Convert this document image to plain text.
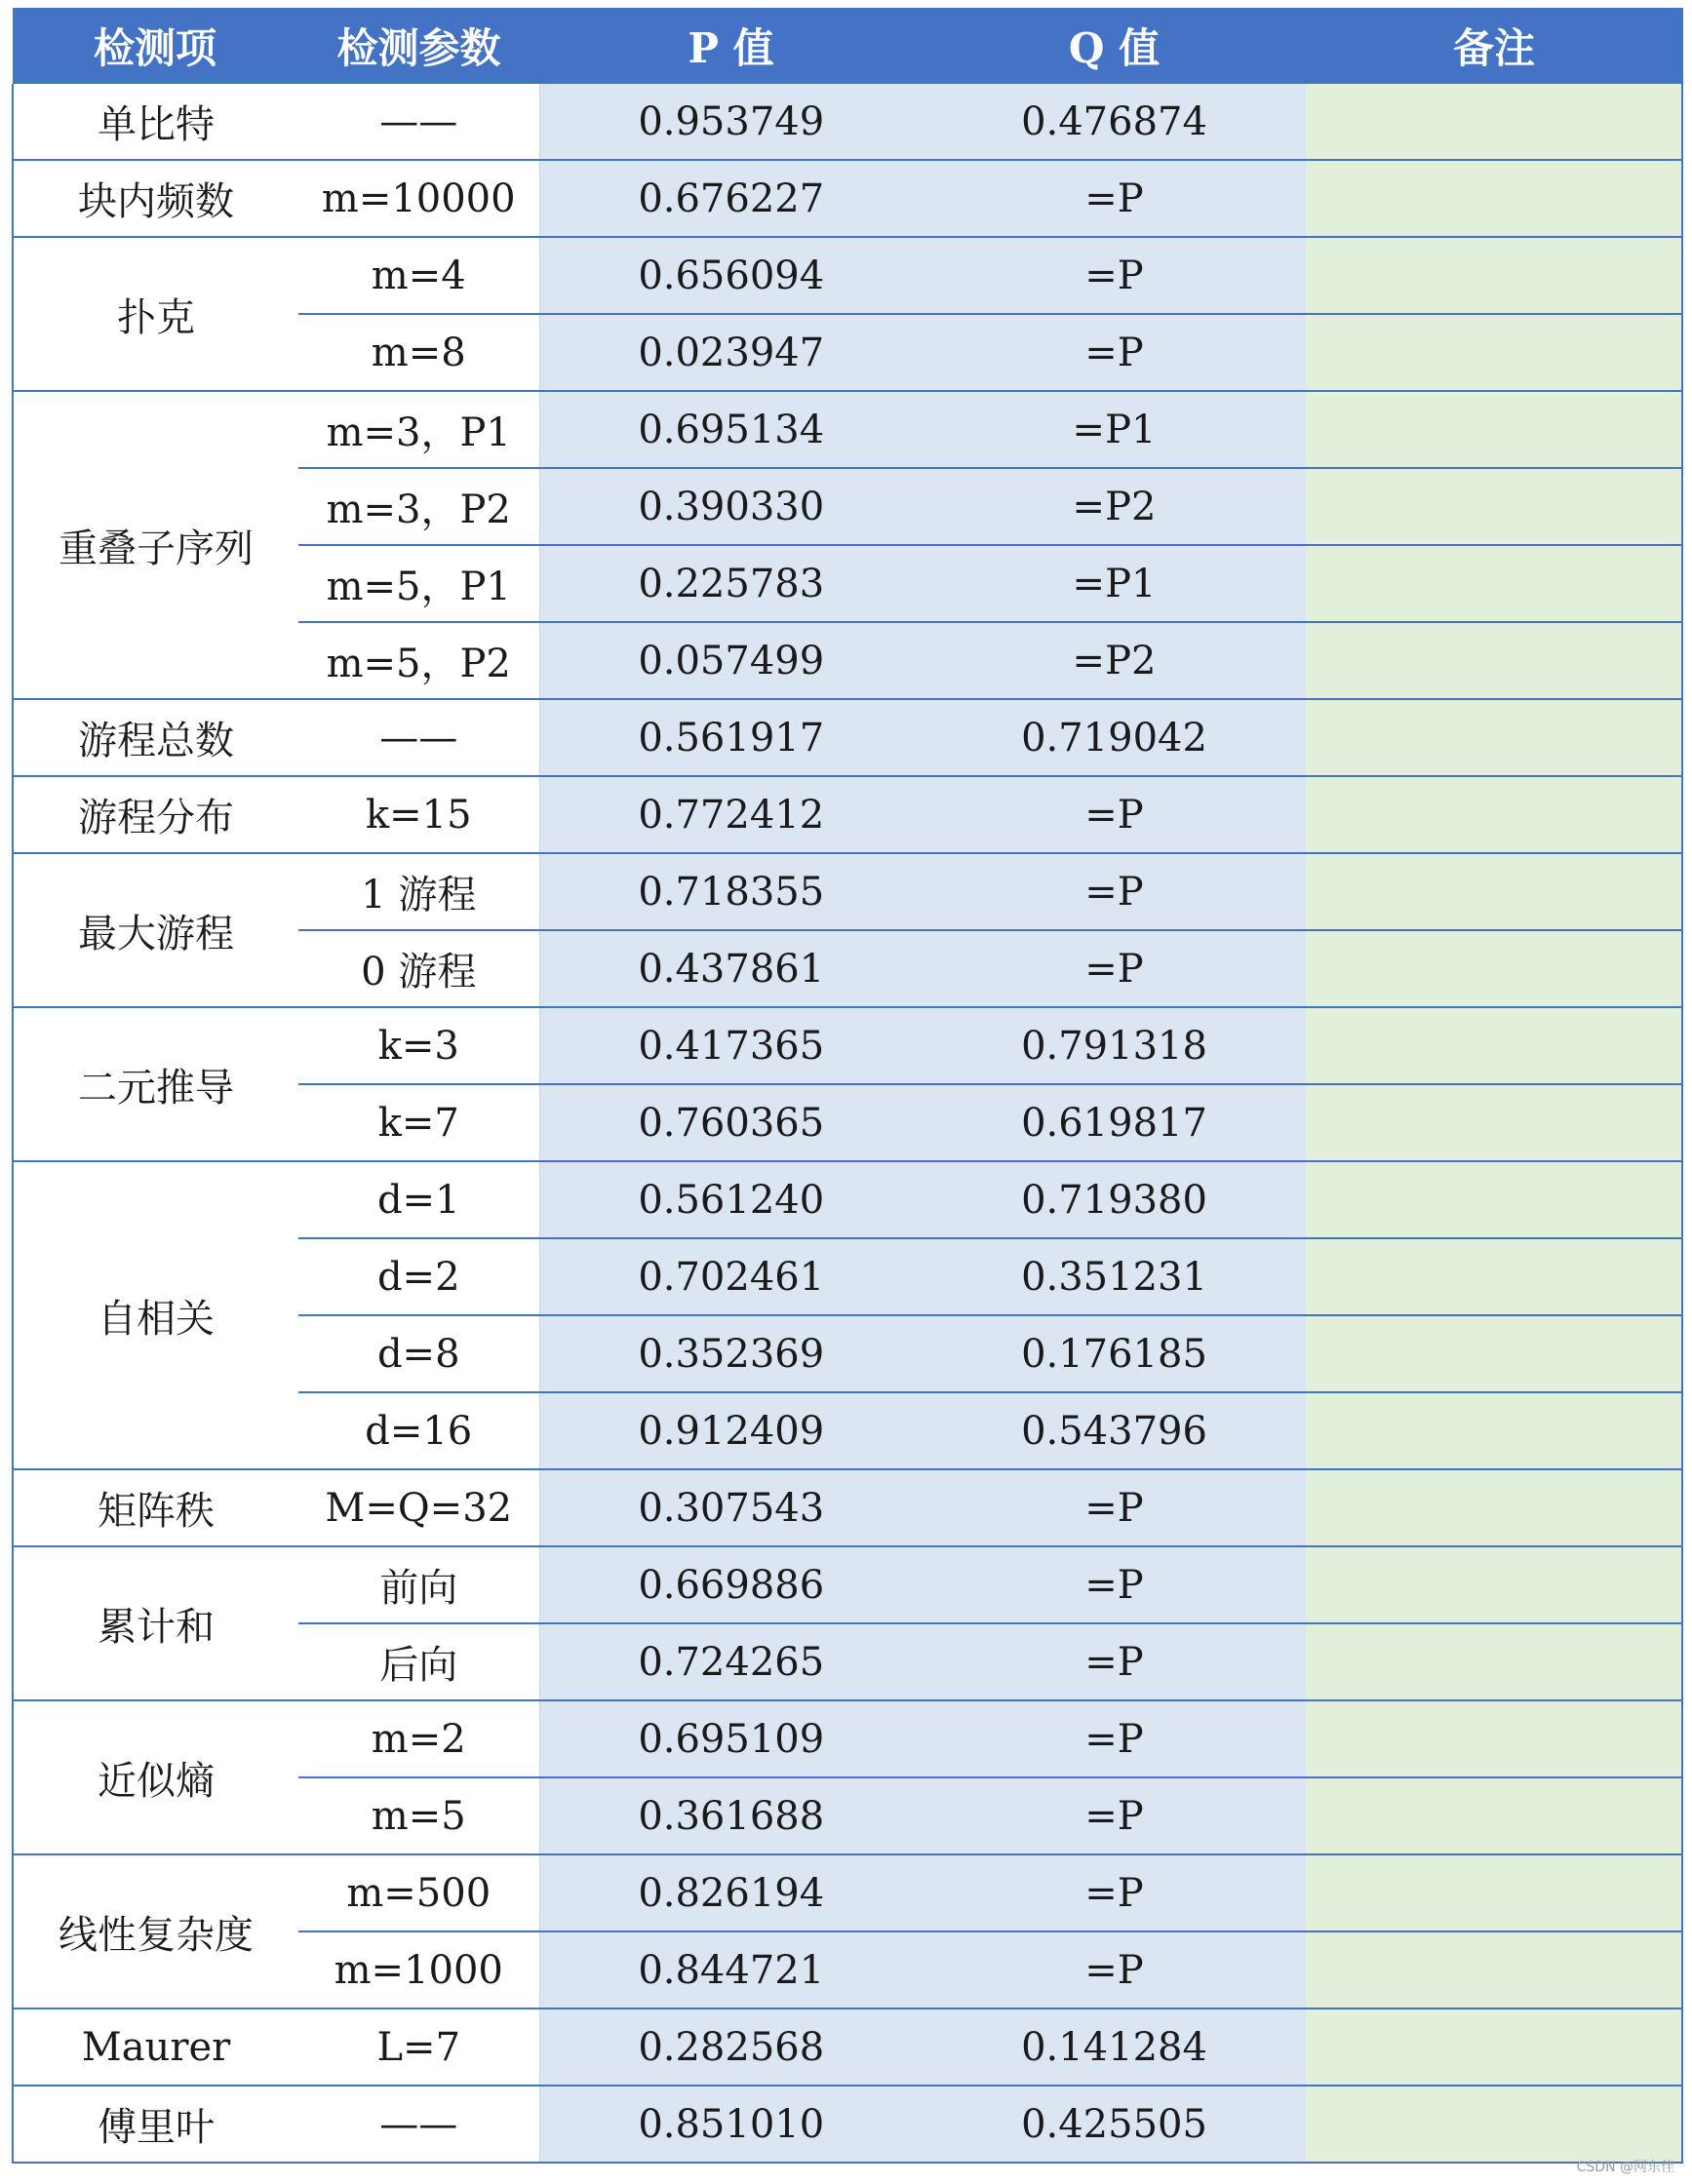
检测项	检测参数	P 值	Q 值	备注
单比特	——	0.953749	0.476874	
块内频数	m=10000	0.676227	=P	
扑克	m=4	0.656094	=P	
	m=8	0.023947	=P	
重叠子序列	m=3，P1	0.695134	=P1	
	m=3，P2	0.390330	=P2	
	m=5，P1	0.225783	=P1	
	m=5，P2	0.057499	=P2	
游程总数	——	0.561917	0.719042	
游程分布	k=15	0.772412	=P	
最大游程	1 游程	0.718355	=P	
	0 游程	0.437861	=P	
二元推导	k=3	0.417365	0.791318	
	k=7	0.760365	0.619817	
自相关	d=1	0.561240	0.719380	
	d=2	0.702461	0.351231	
	d=8	0.352369	0.176185	
	d=16	0.912409	0.543796	
矩阵秩	M=Q=32	0.307543	=P	
累计和	前向	0.669886	=P	
	后向	0.724265	=P	
近似熵	m=2	0.695109	=P	
	m=5	0.361688	=P	
线性复杂度	m=500	0.826194	=P	
	m=1000	0.844721	=P	
Maurer	L=7	0.282568	0.141284	
傅里叶	——	0.851010	0.425505	
CSDN @网东佳
